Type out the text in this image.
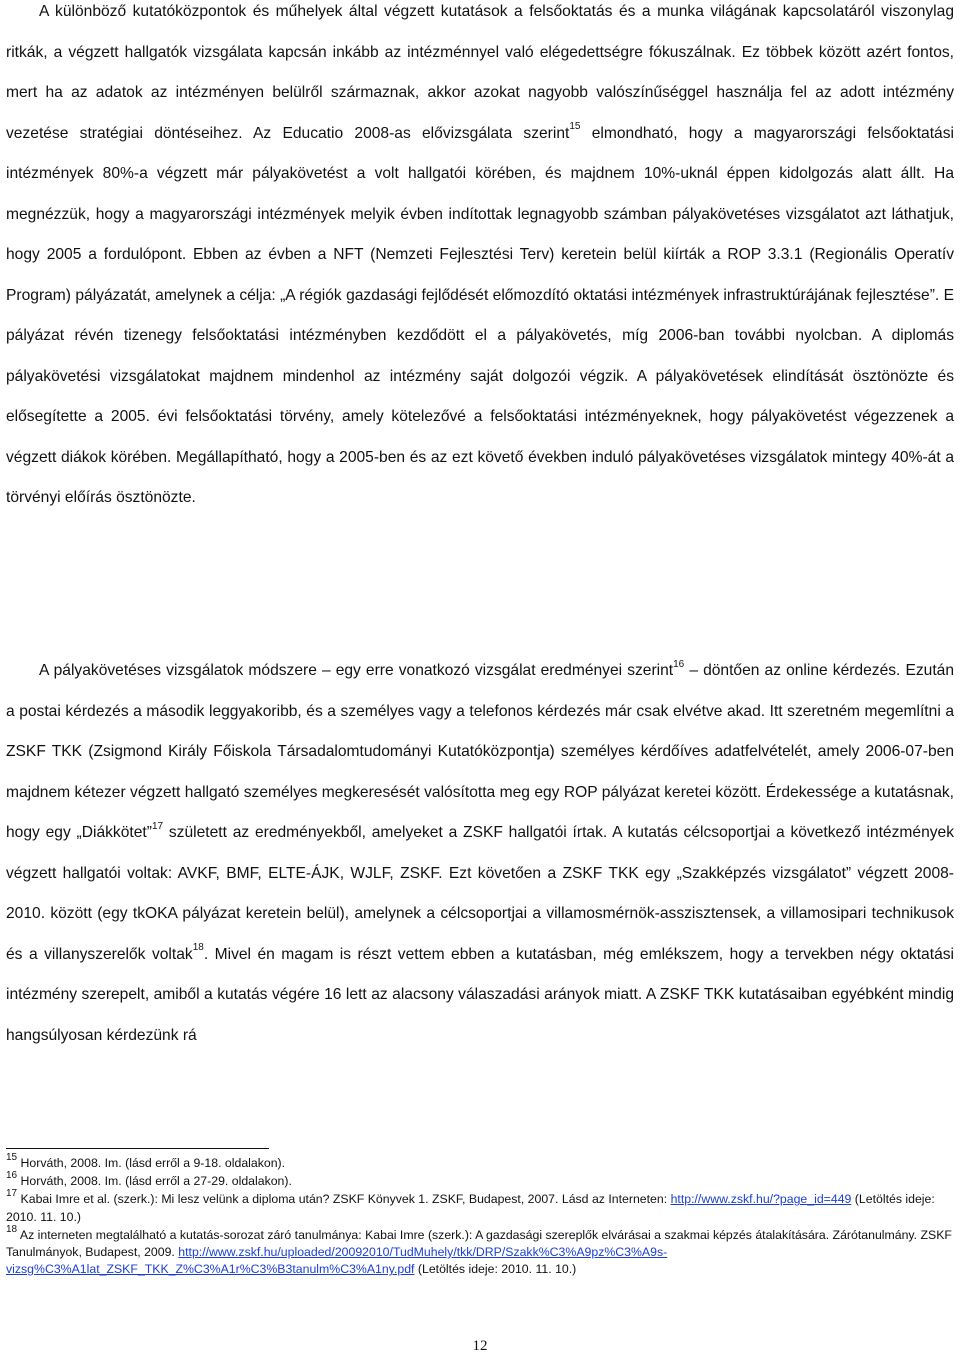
A különböző kutatóközpontok és műhelyek által végzett kutatások a felsőoktatás és a munka világának kapcsolatáról viszonylag ritkák, a végzett hallgatók vizsgálata kapcsán inkább az intézménnyel való elégedettségre fókuszálnak. Ez többek között azért fontos, mert ha az adatok az intézményen belülről származnak, akkor azokat nagyobb valószínűséggel használja fel az adott intézmény vezetése stratégiai döntéseihez. Az Educatio 2008-as elővizsgálata szerint$^{15}$ elmondható, hogy a magyarországi felsőoktatási intézmények 80%-a végzett már pályakövetést a volt hallgatói körében, és majdnem 10%-uknál éppen kidolgozás alatt állt. Ha megnézzük, hogy a magyarországi intézmények melyik évben indítottak legnagyobb számban pályakövetéses vizsgálatot azt láthatjuk, hogy 2005 a fordulópont. Ebben az évben a NFT (Nemzeti Fejlesztési Terv) keretein belül kiírták a ROP 3.3.1 (Regionális Operatív Program) pályázatát, amelynek a célja: „A régiók gazdasági fejlődését előmozdító oktatási intézmények infrastruktúrájának fejlesztése”. E pályázat révén tizenegy felsőoktatási intézményben kezdődött el a pályakövetés, míg 2006-ban további nyolcban. A diplomás pályakövetési vizsgálatokat majdnem mindenhol az intézmény saját dolgozói végzik. A pályakövetések elindítását ösztönözte és elősegítette a 2005. évi felsőoktatási törvény, amely kötelezővé a felsőoktatási intézményeknek, hogy pályakövetést végezzenek a végzett diákok körében. Megállapítható, hogy a 2005-ben és az ezt követő években induló pályakövetéses vizsgálatok mintegy 40%-át a törvényi előírás ösztönözte.

A pályakövetéses vizsgálatok módszere – egy erre vonatkozó vizsgálat eredményei szerint$^{16}$ – döntően az online kérdezés. Ezután a postai kérdezés a második leggyakoribb, és a személyes vagy a telefonos kérdezés már csak elvétve akad. Itt szeretném megemlítni a ZSKF TKK (Zsigmond Király Főiskola Társadalomtudományi Kutatóközpontja) személyes kérdőíves adatfelvételét, amely 2006-07-ben majdnem kétezer végzett hallgató személyes megkeresését valósította meg egy ROP pályázat keretei között. Érdekessége a kutatásnak, hogy egy „Diákkötet”$^{17}$ született az eredményekből, amelyeket a ZSKF hallgatói írtak. A kutatás célcsoportjai a következő intézmények végzett hallgatói voltak: AVKF, BMF, ELTE-ÁJK, WJLF, ZSKF. Ezt követően a ZSKF TKK egy „Szakképzés vizsgálatot” végzett 2008-2010. között (egy tkOKA pályázat keretein belül), amelynek a célcsoportjai a villamosmérnök-asszisztensek, a villamosipari technikusok és a villanyszerelők voltak$^{18}$. Mivel én magam is részt vettem ebben a kutatásban, még emlékszem, hogy a tervekben négy oktatási intézmény szerepelt, amiből a kutatás végére 16 lett az alacsony válaszadási arányok miatt. A ZSKF TKK kutatásaiban egyébként mindig hangsúlyosan kérdezünk rá

$^{15}$ Horváth, 2008. Im. (lásd erről a 9-18. oldalakon).

$^{16}$ Horváth, 2008. Im. (lásd erről a 27-29. oldalakon).

$^{17}$ Kabai Imre et al. (szerk.): Mi lesz velünk a diploma után? ZSKF Könyvek 1. ZSKF, Budapest, 2007. Lásd az Interneten: http://www.zskf.hu/?page_id=449 (Letöltés ideje: 2010. 11. 10.)

$^{18}$ Az interneten megtalálható a kutatás-sorozat záró tanulmánya: Kabai Imre (szerk.): A gazdasági szereplők elvárásai a szakmai képzés átalakítására. Zárótanulmány. ZSKF Tanulmányok, Budapest, 2009. http://www.zskf.hu/uploaded/20092010/TudMuhely/tkk/DRP/Szakk%C3%A9pz%C3%A9s-vizsg%C3%A1lat_ZSKF_TKK_Z%C3%A1r%C3%B3tanulm%C3%A1ny.pdf (Letöltés ideje: 2010. 11. 10.)

12
